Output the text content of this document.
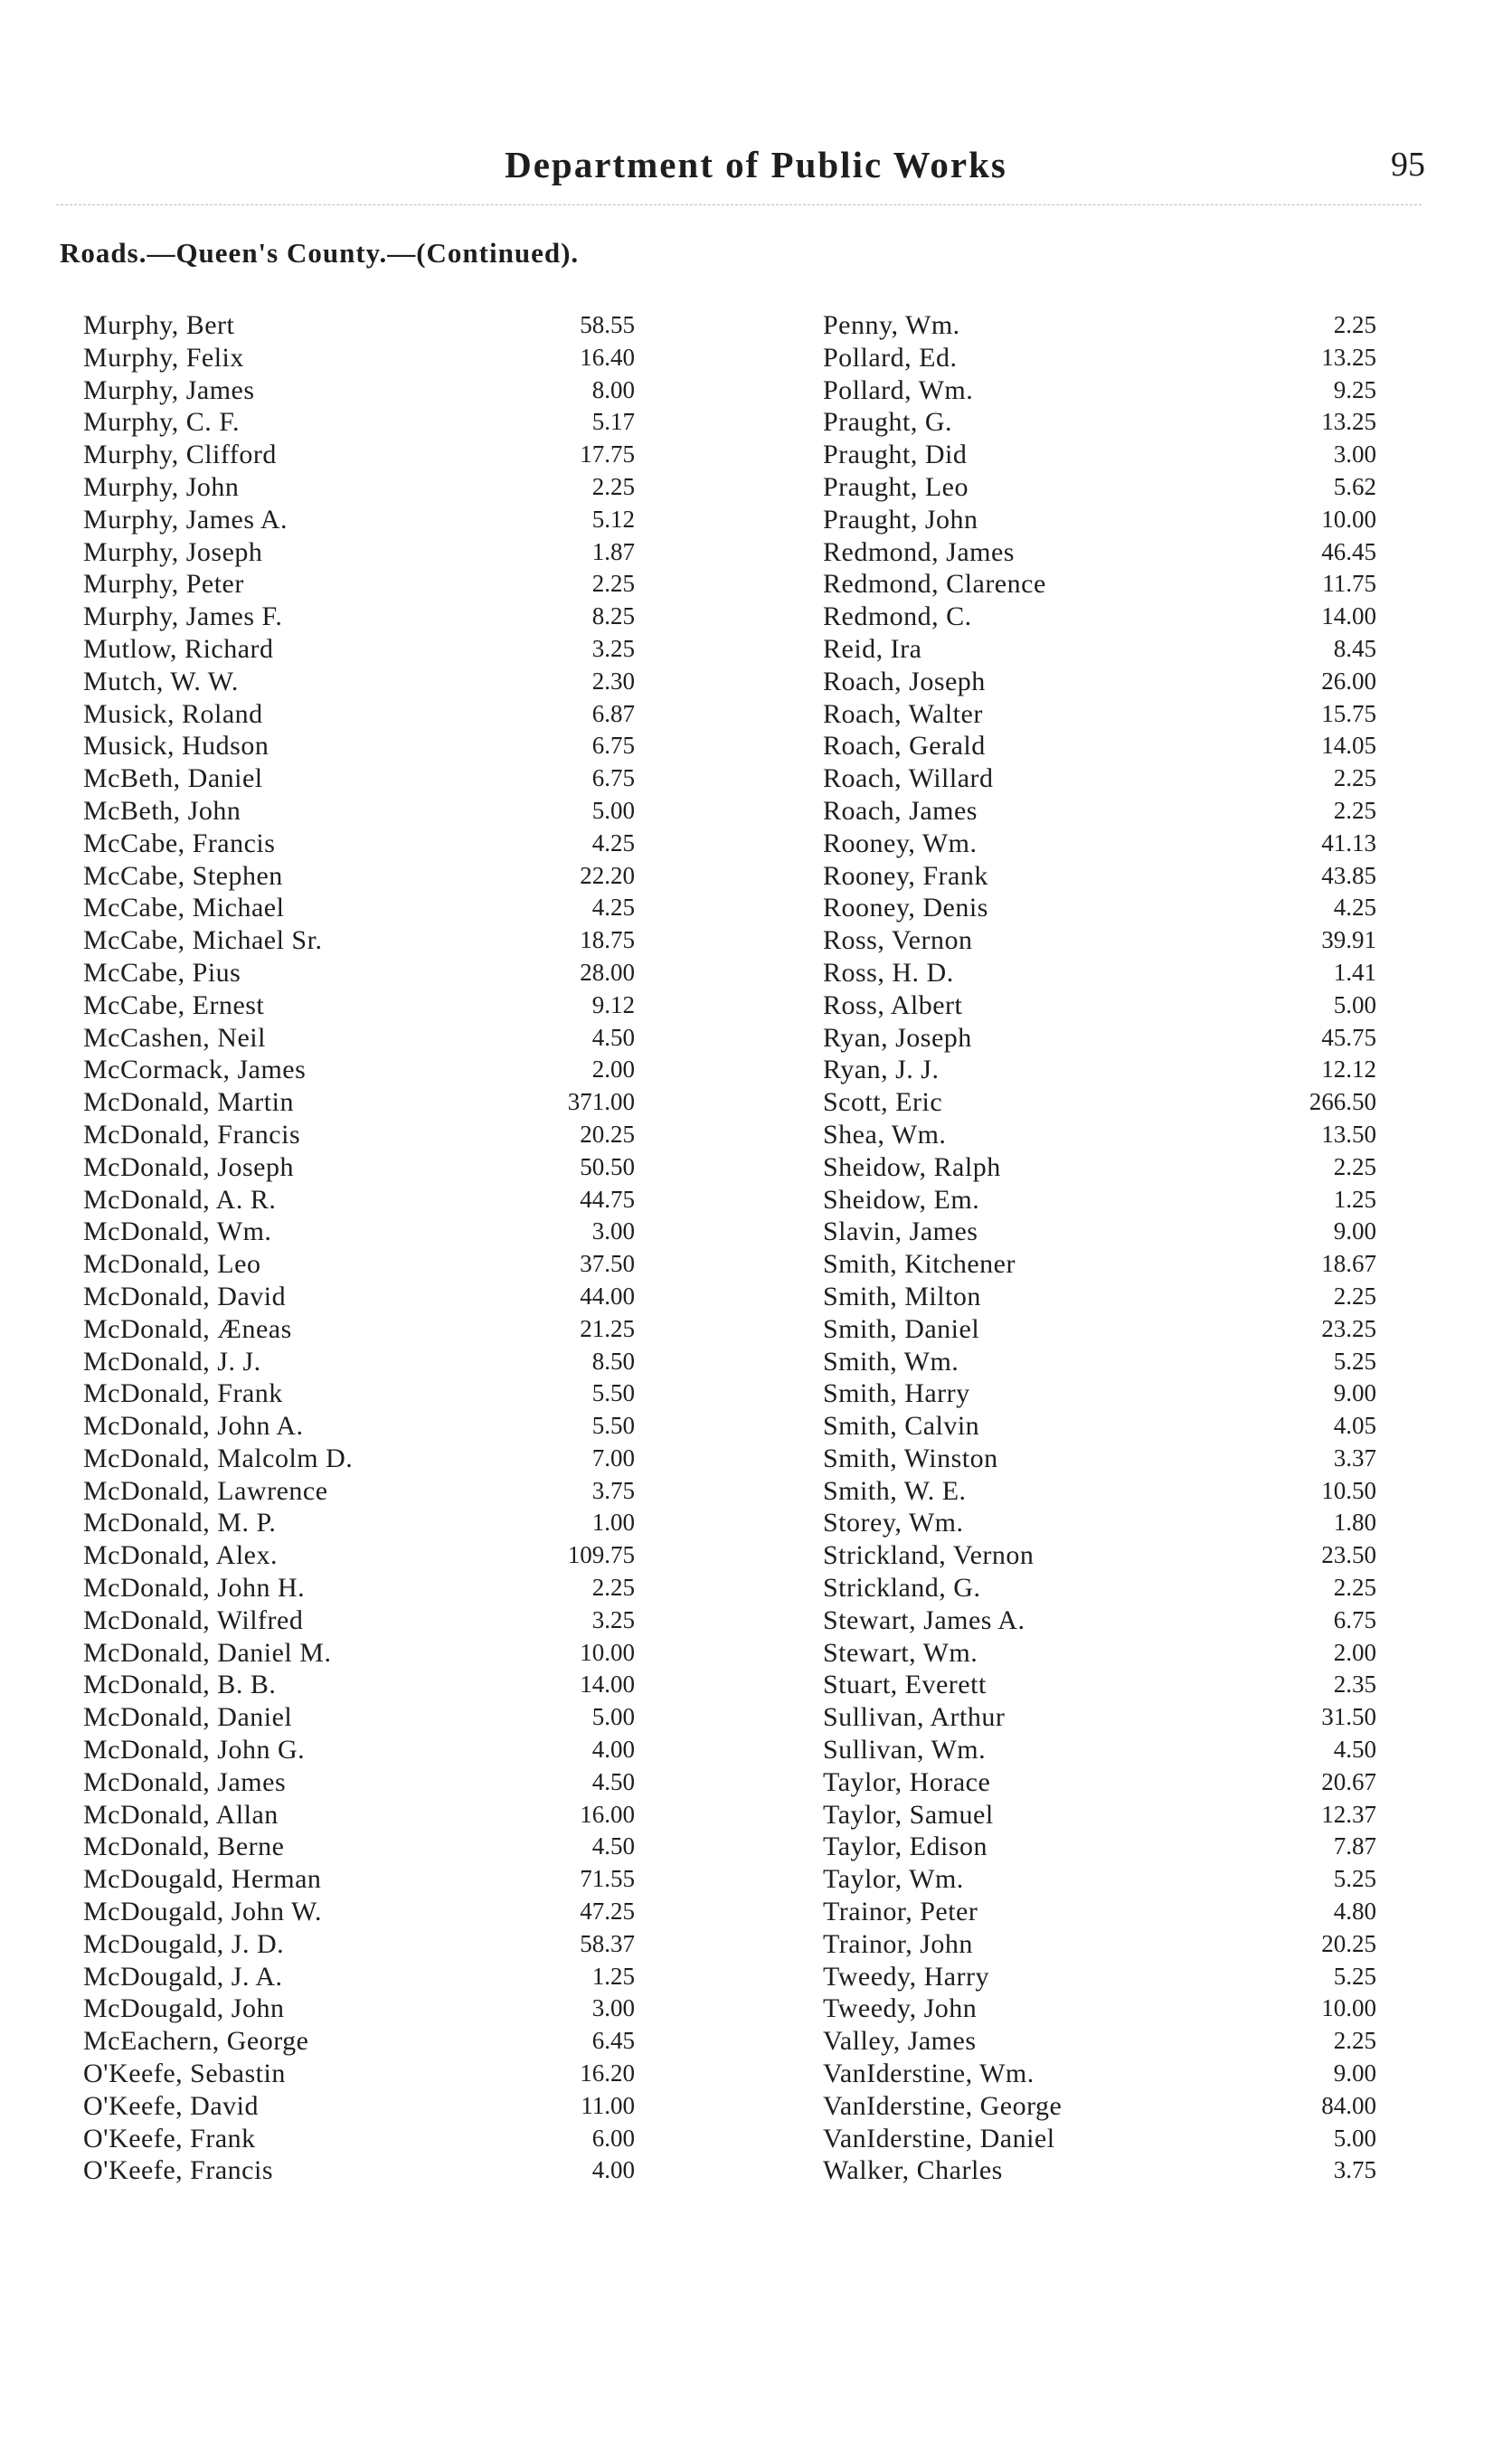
Department of Public Works	95
Roads.—Queen's County.—(Continued).
Murphy, Bert	58.55
Murphy, Felix	16.40
Murphy, James	8.00
Murphy, C. F.	5.17
Murphy, Clifford	17.75
Murphy, John	2.25
Murphy, James A.	5.12
Murphy, Joseph	1.87
Murphy, Peter	2.25
Murphy, James F.	8.25
Mutlow, Richard	3.25
Mutch, W. W.	2.30
Musick, Roland	6.87
Musick, Hudson	6.75
McBeth, Daniel	6.75
McBeth, John	5.00
McCabe, Francis	4.25
McCabe, Stephen	22.20
McCabe, Michael	4.25
McCabe, Michael Sr.	18.75
McCabe, Pius	28.00
McCabe, Ernest	9.12
McCashen, Neil	4.50
McCormack, James	2.00
McDonald, Martin	371.00
McDonald, Francis	20.25
McDonald, Joseph	50.50
McDonald, A. R.	44.75
McDonald, Wm.	3.00
McDonald, Leo	37.50
McDonald, David	44.00
McDonald, Æneas	21.25
McDonald, J. J.	8.50
McDonald, Frank	5.50
McDonald, John A.	5.50
McDonald, Malcolm D.	7.00
McDonald, Lawrence	3.75
McDonald, M. P.	1.00
McDonald, Alex.	109.75
McDonald, John H.	2.25
McDonald, Wilfred	3.25
McDonald, Daniel M.	10.00
McDonald, B. B.	14.00
McDonald, Daniel	5.00
McDonald, John G.	4.00
McDonald, James	4.50
McDonald, Allan	16.00
McDonald, Berne	4.50
McDougald, Herman	71.55
McDougald, John W.	47.25
McDougald, J. D.	58.37
McDougald, J. A.	1.25
McDougald, John	3.00
McEachern, George	6.45
O'Keefe, Sebastin	16.20
O'Keefe, David	11.00
O'Keefe, Frank	6.00
O'Keefe, Francis	4.00
Penny, Wm.	2.25
Pollard, Ed.	13.25
Pollard, Wm.	9.25
Praught, G.	13.25
Praught, Did	3.00
Praught, Leo	5.62
Praught, John	10.00
Redmond, James	46.45
Redmond, Clarence	11.75
Redmond, C.	14.00
Reid, Ira	8.45
Roach, Joseph	26.00
Roach, Walter	15.75
Roach, Gerald	14.05
Roach, Willard	2.25
Roach, James	2.25
Rooney, Wm.	41.13
Rooney, Frank	43.85
Rooney, Denis	4.25
Ross, Vernon	39.91
Ross, H. D.	1.41
Ross, Albert	5.00
Ryan, Joseph	45.75
Ryan, J. J.	12.12
Scott, Eric	266.50
Shea, Wm.	13.50
Sheidow, Ralph	2.25
Sheidow, Em.	1.25
Slavin, James	9.00
Smith, Kitchener	18.67
Smith, Milton	2.25
Smith, Daniel	23.25
Smith, Wm.	5.25
Smith, Harry	9.00
Smith, Calvin	4.05
Smith, Winston	3.37
Smith, W. E.	10.50
Storey, Wm.	1.80
Strickland, Vernon	23.50
Strickland, G.	2.25
Stewart, James A.	6.75
Stewart, Wm.	2.00
Stuart, Everett	2.35
Sullivan, Arthur	31.50
Sullivan, Wm.	4.50
Taylor, Horace	20.67
Taylor, Samuel	12.37
Taylor, Edison	7.87
Taylor, Wm.	5.25
Trainor, Peter	4.80
Trainor, John	20.25
Tweedy, Harry	5.25
Tweedy, John	10.00
Valley, James	2.25
VanIderstine, Wm.	9.00
VanIderstine, George	84.00
VanIderstine, Daniel	5.00
Walker, Charles	3.75
